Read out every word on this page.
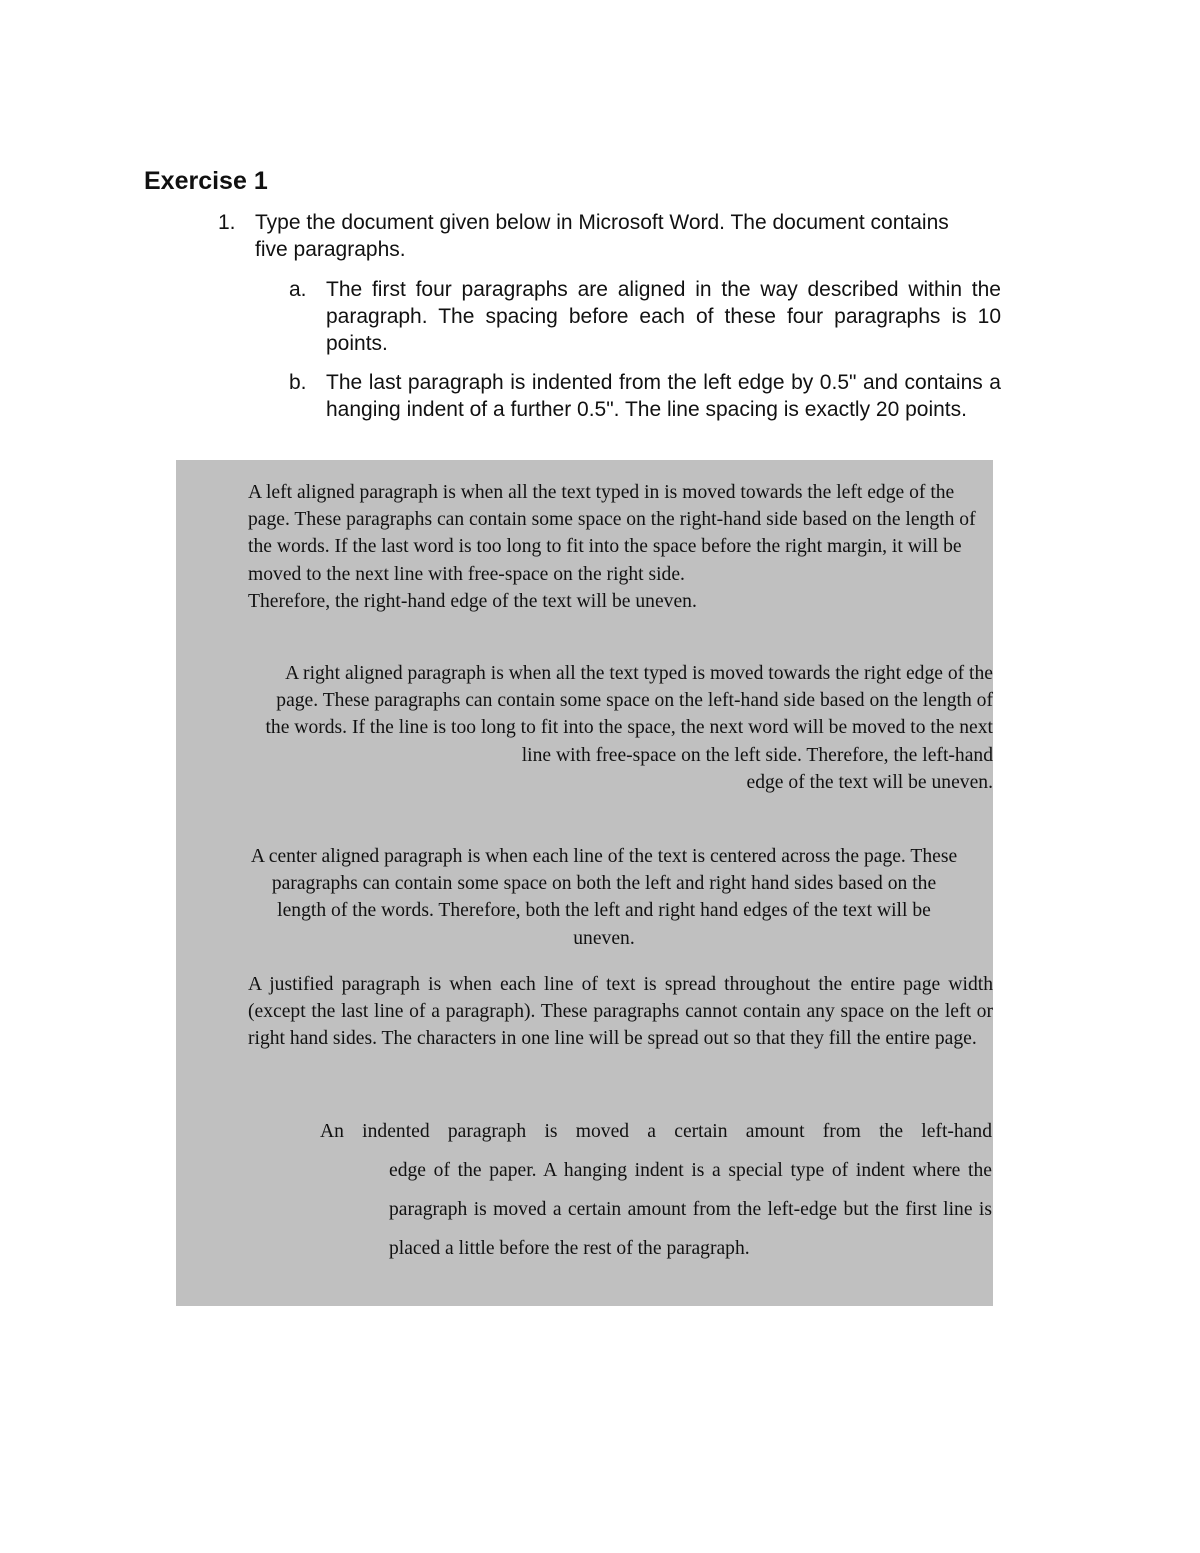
Exercise 1
1. Type the document given below in Microsoft Word. The document contains five paragraphs.
a. The first four paragraphs are aligned in the way described within the paragraph. The spacing before each of these four paragraphs is 10 points.
b. The last paragraph is indented from the left edge by 0.5" and contains a hanging indent of a further 0.5". The line spacing is exactly 20 points.
A left aligned paragraph is when all the text typed in is moved towards the left edge of the page. These paragraphs can contain some space on the right-hand side based on the length of the words. If the last word is too long to fit into the space before the right margin, it will be moved to the next line with free-space on the right side.
Therefore, the right-hand edge of the text will be uneven.
A right aligned paragraph is when all the text typed is moved towards the right edge of the page. These paragraphs can contain some space on the left-hand side based on the length of the words. If the line is too long to fit into the space, the next word will be moved to the next line with free-space on the left side. Therefore, the left-hand
edge of the text will be uneven.
A center aligned paragraph is when each line of the text is centered across the page. These paragraphs can contain some space on both the left and right hand sides based on the length of the words. Therefore, both the left and right hand edges of the text will be uneven.
A justified paragraph is when each line of text is spread throughout the entire page width (except the last line of a paragraph). These paragraphs cannot contain any space on the left or right hand sides. The characters in one line will be spread out so that they fill the entire page.
An indented paragraph is moved a certain amount from the left-hand
edge of the paper. A hanging indent is a special type of indent where the paragraph is moved a certain amount from the left-edge but the first line is placed a little before the rest of the paragraph.
